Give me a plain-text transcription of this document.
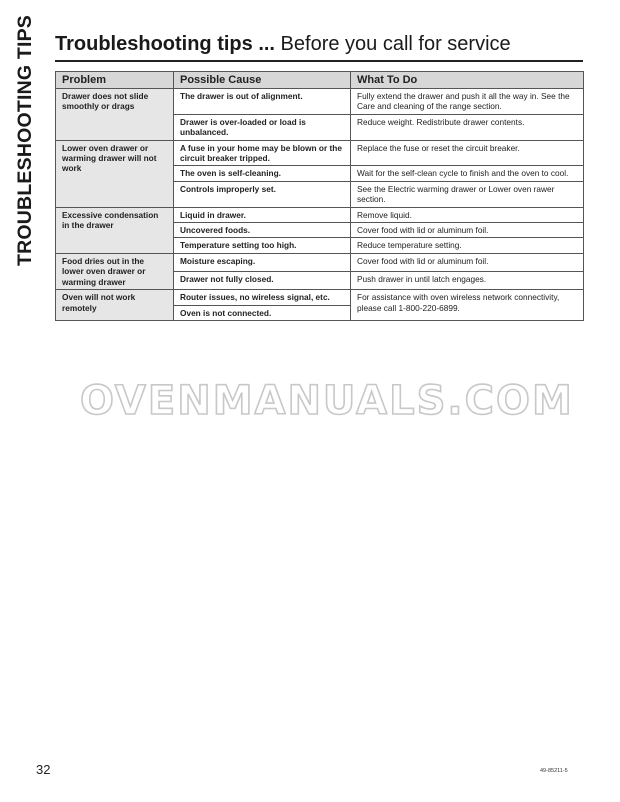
TROUBLESHOOTING TIPS Troubleshooting tips ... Before you call for service
Problem	Possible Cause	What To Do
Drawer does not slide smoothly or drags	The drawer is out of alignment.	Fully extend the drawer and push it all the way in. See the Care and cleaning of the range section.
	Drawer is over-loaded or load is unbalanced.	Reduce weight. Redistribute drawer contents.
Lower oven drawer or warming drawer will not work	A fuse in your home may be blown or the circuit breaker tripped.	Replace the fuse or reset the circuit breaker.
	The oven is self-cleaning.	Wait for the self-clean cycle to finish and the oven to cool.
	Controls improperly set.	See the Electric warming drawer or Lower oven rawer section.
Excessive condensation in the drawer	Liquid in drawer.	Remove liquid.
	Uncovered foods.	Cover food with lid or aluminum foil.
	Temperature setting too high.	Reduce temperature setting.
Food dries out in the lower oven drawer or warming drawer	Moisture escaping.	Cover food with lid or aluminum foil.
	Drawer not fully closed.	Push drawer in until latch engages.
Oven will not work remotely	Router issues, no wireless signal, etc.	For assistance with oven wireless network connectivity, please call 1-800-220-6899.
	Oven is not connected.	
OVENMANUALS.COM
32	49-85211-5
